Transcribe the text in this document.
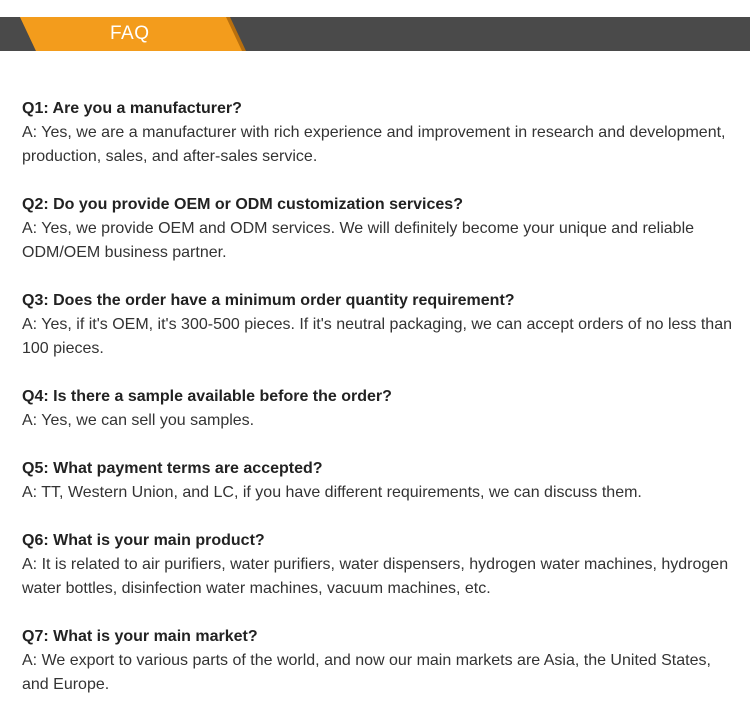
FAQ
Q1: Are you a manufacturer?
A: Yes, we are a manufacturer with rich experience and improvement in research and development, production, sales, and after-sales service.
Q2: Do you provide OEM or ODM customization services?
A: Yes, we provide OEM and ODM services. We will definitely become your unique and reliable ODM/OEM business partner.
Q3: Does the order have a minimum order quantity requirement?
A: Yes, if it's OEM, it's 300-500 pieces. If it's neutral packaging, we can accept orders of no less than 100 pieces.
Q4: Is there a sample available before the order?
A: Yes, we can sell you samples.
Q5: What payment terms are accepted?
A: TT, Western Union, and LC, if you have different requirements, we can discuss them.
Q6: What is your main product?
A: It is related to air purifiers, water purifiers, water dispensers, hydrogen water machines, hydrogen water bottles, disinfection water machines, vacuum machines, etc.
Q7: What is your main market?
A: We export to various parts of the world, and now our main markets are Asia, the United States, and Europe.
